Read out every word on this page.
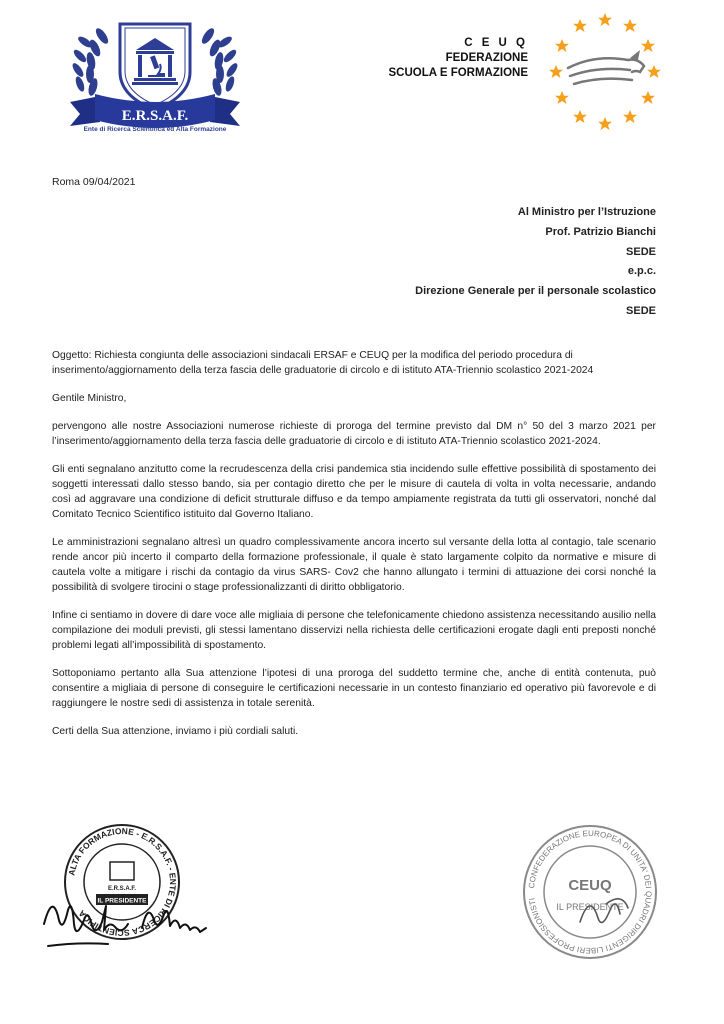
E.R.S.A.F.
Ente di Ricerca Scientifica ed Alta Formazione
C E U Q
FEDERAZIONE
SCUOLA E FORMAZIONE
Roma 09/04/2021
Al Ministro per l’Istruzione
Prof. Patrizio Bianchi
SEDE
e.p.c.
Direzione Generale per il personale scolastico
SEDE

Oggetto: Richiesta congiunta delle associazioni sindacali ERSAF e CEUQ per la modifica del periodo procedura di inserimento/aggiornamento della terza fascia delle graduatorie di circolo e di istituto ATA-Triennio scolastico 2021-2024

Gentile Ministro,

pervengono alle nostre Associazioni numerose richieste di proroga del termine previsto dal DM n° 50 del 3 marzo 2021 per l’inserimento/aggiornamento della terza fascia delle graduatorie di circolo e di istituto ATA-Triennio scolastico 2021-2024.

Gli enti segnalano anzitutto come la recrudescenza della crisi pandemica stia incidendo sulle effettive possibilità di spostamento dei soggetti interessati dallo stesso bando, sia per contagio diretto che per le misure di cautela di volta in volta necessarie, andando così ad aggravare una condizione di deficit strutturale diffuso e da tempo ampiamente registrata da tutti gli osservatori, nonché dal Comitato Tecnico Scientifico istituito dal Governo Italiano.

Le amministrazioni segnalano altresì un quadro complessivamente ancora incerto sul versante della lotta al contagio, tale scenario rende ancor più incerto il comparto della formazione professionale, il quale è stato largamente colpito da normative e misure di cautela volte a mitigare i rischi da contagio da virus SARS- Cov2 che hanno allungato i termini di attuazione dei corsi nonché la possibilità di svolgere tirocini o stage professionalizzanti di diritto obbligatorio.

Infine ci sentiamo in dovere di dare voce alle migliaia di persone che telefonicamente chiedono assistenza necessitando ausilio nella compilazione dei moduli previsti, gli stessi lamentano disservizi nella richiesta delle certificazioni erogate dagli enti preposti nonché problemi legati all’impossibilità di spostamento.

Sottoponiamo pertanto alla Sua attenzione l’ipotesi di una proroga del suddetto termine che, anche di entità contenuta, può consentire a migliaia di persone di conseguire le certificazioni necessarie in un contesto finanziario ed operativo più favorevole e di raggiungere le nostre sedi di assistenza in totale serenità.

Certi della Sua attenzione, inviamo i più cordiali saluti.

ALTA FORMAZIONE - E.R.S.A.F. - ENTE DI RICERCA SCIENTIFICA
E.R.S.A.F.
IL PRESIDENTE
CONFEDERAZIONE EUROPEA DI UNITA' DEI QUADRI DIRIGENTI LIBERI PROFESSIONISTI
CEUQ
IL PRESIDENTE
